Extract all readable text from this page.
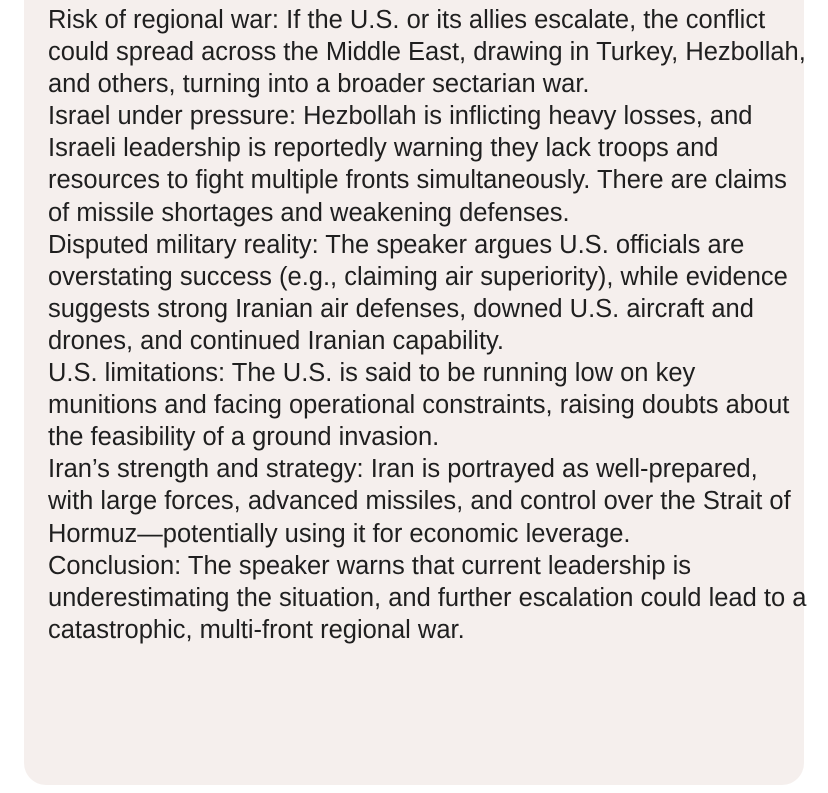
Risk of regional war: If the U.S. or its allies escalate, the conflict could spread across the Middle East, drawing in Turkey, Hezbollah, and others, turning into a broader sectarian war.
Israel under pressure: Hezbollah is inflicting heavy losses, and Israeli leadership is reportedly warning they lack troops and resources to fight multiple fronts simultaneously. There are claims of missile shortages and weakening defenses.
Disputed military reality: The speaker argues U.S. officials are overstating success (e.g., claiming air superiority), while evidence suggests strong Iranian air defenses, downed U.S. aircraft and drones, and continued Iranian capability.
U.S. limitations: The U.S. is said to be running low on key munitions and facing operational constraints, raising doubts about the feasibility of a ground invasion.
Iran’s strength and strategy: Iran is portrayed as well-prepared, with large forces, advanced missiles, and control over the Strait of Hormuz—potentially using it for economic leverage.
Conclusion: The speaker warns that current leadership is underestimating the situation, and further escalation could lead to a catastrophic, multi-front regional war.
